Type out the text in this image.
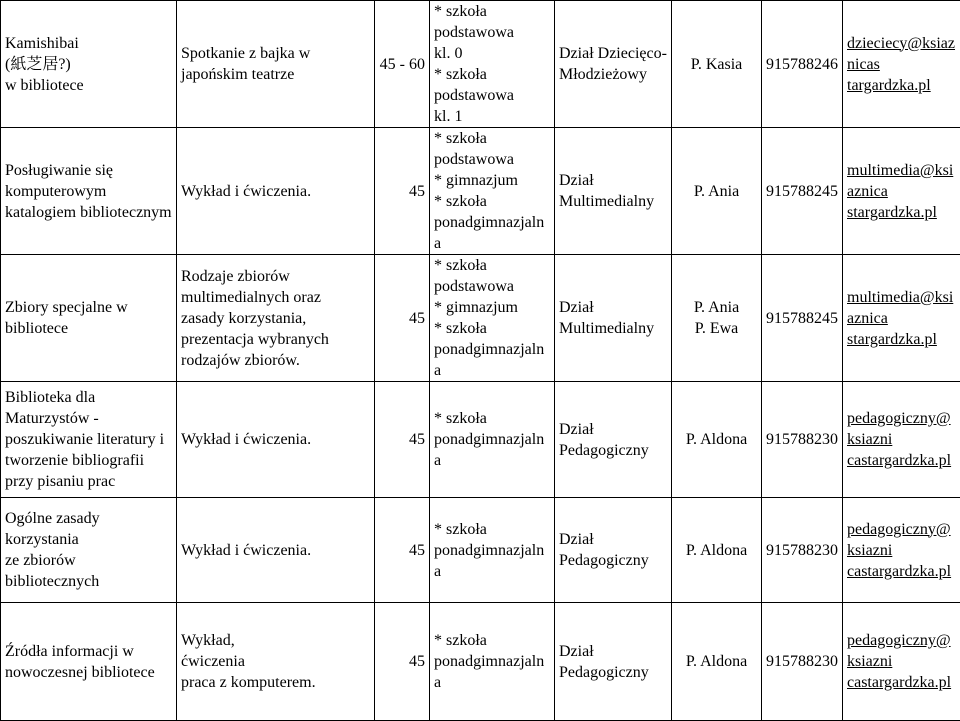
Kamishibai
(紙芝居?)
w bibliotece	Spotkanie z bajka w
japońskim teatrze	45 - 60	* szkoła podstawowa
kl. 0
* szkoła podstawowa
kl. 1	Dział Dziecięco-
Młodzieżowy	P. Kasia	915788246	dzieciecy@ksiaznicas
targardzka.pl

Posługiwanie się
komputerowym
katalogiem bibliotecznym	Wykład i ćwiczenia.	45	* szkoła podstawowa
* gimnazjum
* szkoła
ponadgimnazjalna	Dział
Multimedialny	P. Ania	915788245	multimedia@ksiaznica
stargardzka.pl

Zbiory specjalne w
bibliotece	Rodzaje zbiorów
multimedialnych oraz
zasady korzystania,
prezentacja wybranych
rodzajów zbiorów.	45	* szkoła podstawowa
* gimnazjum
* szkoła
ponadgimnazjalna	Dział
Multimedialny	P. Ania
P. Ewa	915788245	multimedia@ksiaznica
stargardzka.pl

Biblioteka dla
Maturzystów -
poszukiwanie literatury i
tworzenie bibliografii
przy pisaniu prac	Wykład i ćwiczenia.	45	* szkoła
ponadgimnazjalna	Dział
Pedagogiczny	P. Aldona	915788230	pedagogiczny@ksiazni
castargardzka.pl

Ogólne zasady korzystania
ze zbiorów bibliotecznych	Wykład i ćwiczenia.	45	* szkoła
ponadgimnazjalna	Dział
Pedagogiczny	P. Aldona	915788230	pedagogiczny@ksiazni
castargardzka.pl

Źródła informacji w
nowoczesnej bibliotece	Wykład,
ćwiczenia
praca z komputerem.	45	* szkoła
ponadgimnazjalna	Dział
Pedagogiczny	P. Aldona	915788230	pedagogiczny@ksiazni
castargardzka.pl
